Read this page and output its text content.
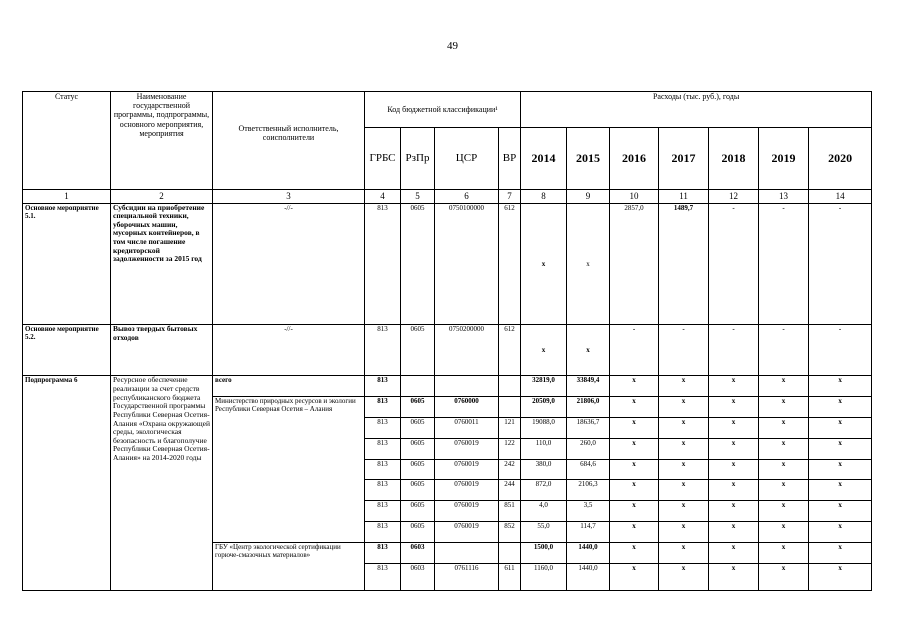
49
Статус	Наименование государственной программы, подпрограммы, основного мероприятия, мероприятия	Ответственный исполнитель, соисполнители	Код бюджетной классификации¹				Расходы (тыс. руб.), годы						
			ГРБС	РзПр	ЦСР	ВР	2014	2015	2016	2017	2018	2019	2020
1	2	3	4	5	6	7	8	9	10	11	12	13	14
Основное мероприятие 5.1.	Субсидии на приобретение специальной техники, уборочных машин, мусорных контейнеров, в том числе погашение кредиторской задолженности за 2015 год	-//-	813	0605	0750100000	612	x	x	2857,0	1489,7	-	-	-
Основное мероприятие 5.2.	Вывоз твердых бытовых отходов	-//-	813	0605	0750200000	612	x	x	-	-	-	-	-
Подпрограмма 6	Ресурсное обеспечение реализации за счет средств республиканского бюджета Государственной программы Республики Северная Осетия-Алания «Охрана окружающей среды, экологическая безопасность и благополучие Республики Северная Осетия-Алания» на 2014-2020 годы	всего	813				32819,0	33849,4	x	x	x	x	x
		Министерство природных ресурсов и экологии Республики Северная Осетия – Алания	813	0605	0760000		20509,0	21806,0	x	x	x	x	x
			813	0605	0760011	121	19088,0	18636,7	x	x	x	x	x
			813	0605	0760019	122	110,0	260,0	x	x	x	x	x
			813	0605	0760019	242	380,0	684,6	x	x	x	x	x
			813	0605	0760019	244	872,0	2106,3	x	x	x	x	x
			813	0605	0760019	851	4,0	3,5	x	x	x	x	x
			813	0605	0760019	852	55,0	114,7	x	x	x	x	x
		ГБУ «Центр экологической сертификации горюче-смазочных материалов»	813	0603			1500,0	1440,0	x	x	x	x	x
			813	0603	0761116	611	1160,0	1440,0	x	x	x	x	x
